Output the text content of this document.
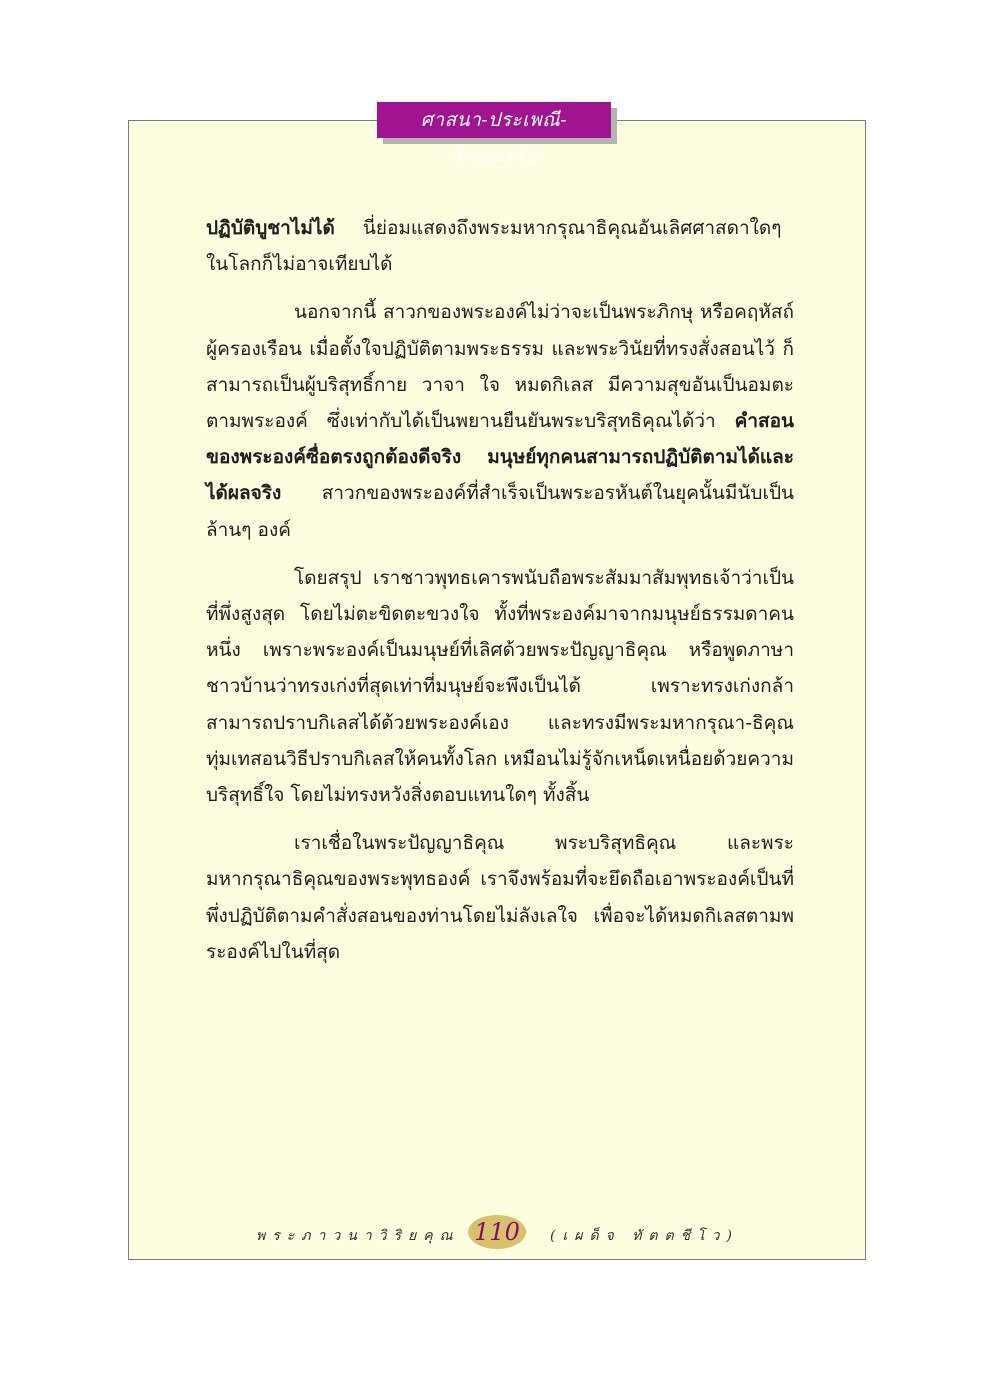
ศาสนา-ประเพณี-วัฒนธรรม

ปฏิบัติบูชาไม่ได้ นี่ย่อมแสดงถึงพระมหากรุณาธิคุณอันเลิศศาสดาใดๆ ในโลกก็ไม่อาจเทียบได้

นอกจากนี้ สาวกของพระองค์ไม่ว่าจะเป็นพระภิกษุ หรือคฤหัสถ์ผู้ครองเรือน เมื่อตั้งใจปฏิบัติตามพระธรรม และพระวินัยที่ทรงสั่งสอนไว้ ก็สามารถเป็นผู้บริสุทธิ์กาย วาจา ใจ หมดกิเลส มีความสุขอันเป็นอมตะตามพระองค์ ซึ่งเท่ากับได้เป็นพยานยืนยันพระบริสุทธิคุณได้ว่า คำสอนของพระองค์ซื่อตรงถูกต้องดีจริง มนุษย์ทุกคนสามารถปฏิบัติตามได้และได้ผลจริง สาวกของพระองค์ที่สำเร็จเป็นพระอรหันต์ในยุคนั้นมีนับเป็นล้านๆ องค์

โดยสรุป เราชาวพุทธเคารพนับถือพระสัมมาสัมพุทธเจ้าว่าเป็นที่พึ่งสูงสุด โดยไม่ตะขิดตะขวงใจ ทั้งที่พระองค์มาจากมนุษย์ธรรมดาคนหนึ่ง เพราะพระองค์เป็นมนุษย์ที่เลิศด้วยพระปัญญาธิคุณ หรือพูดภาษาชาวบ้านว่าทรงเก่งที่สุดเท่าที่มนุษย์จะพึงเป็นได้ เพราะทรงเก่งกล้าสามารถปราบกิเลสได้ด้วยพระองค์เอง และทรงมีพระมหากรุณา-ธิคุณ ทุ่มเทสอนวิธีปราบกิเลสให้คนทั้งโลก เหมือนไม่รู้จักเหน็ดเหนื่อยด้วยความบริสุทธิ์ใจ โดยไม่ทรงหวังสิ่งตอบแทนใดๆ ทั้งสิ้น

เราเชื่อในพระปัญญาธิคุณ พระบริสุทธิคุณ และพระมหากรุณาธิคุณของพระพุทธองค์ เราจึงพร้อมที่จะยึดถือเอาพระองค์เป็นที่พึ่งปฏิบัติตามคำสั่งสอนของท่านโดยไม่ลังเลใจ เพื่อจะได้หมดกิเลสตามพระองค์ไปในที่สุด

พระภาวนาวิริยคุณ 110	(เผด็จ ทัตตชีโว)
